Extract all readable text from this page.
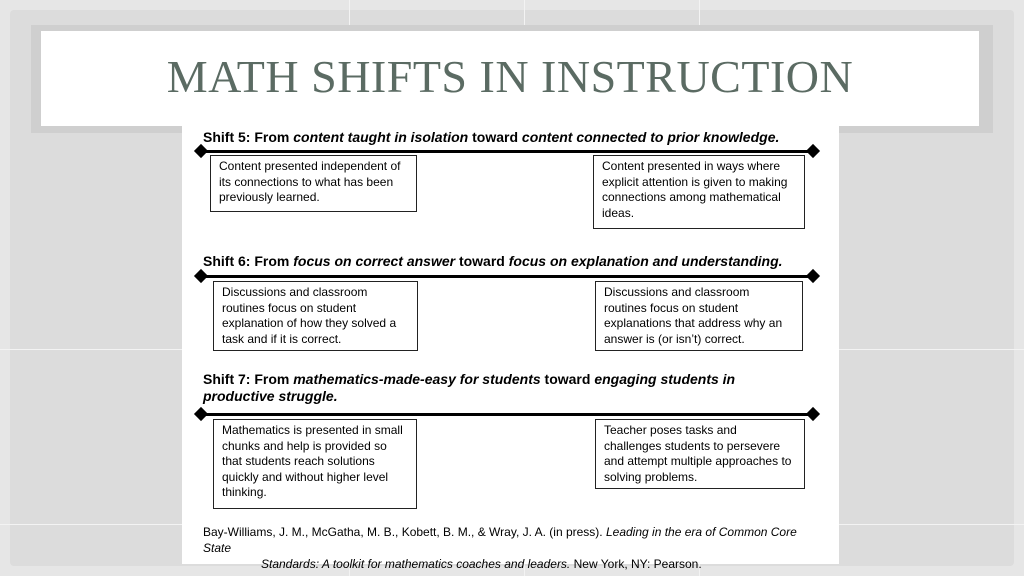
MATH SHIFTS IN INSTRUCTION

Shift 5: From content taught in isolation toward content connected to prior knowledge.

Content presented independent of its connections to what has been previously learned.
Content presented in ways where explicit attention is given to making connections among mathematical ideas.

Shift 6: From focus on correct answer toward focus on explanation and understanding.

Discussions and classroom routines focus on student explanation of how they solved a task and if it is correct.
Discussions and classroom routines focus on student explanations that address why an answer is (or isn’t) correct.

Shift 7: From mathematics-made-easy for students toward engaging students in productive struggle.

Mathematics is presented in small chunks and help is provided so that students reach solutions quickly and without higher level thinking.
Teacher poses tasks and challenges students to persevere and attempt multiple approaches to solving problems.
Bay-Williams, J. M., McGatha, M. B., Kobett, B. M., & Wray, J. A. (in press). Leading in the era of Common Core State
Standards: A toolkit for mathematics coaches and leaders. New York, NY: Pearson.
